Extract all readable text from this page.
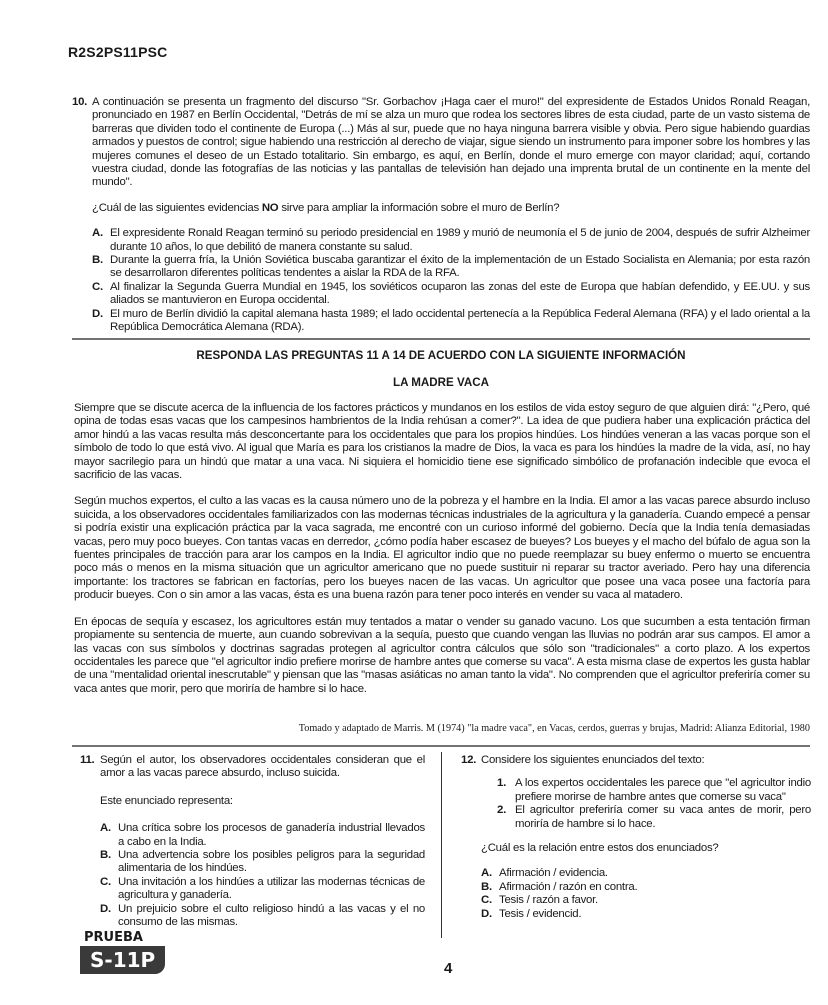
R2S2PS11PSC
10. A continuación se presenta un fragmento del discurso "Sr. Gorbachov ¡Haga caer el muro!" del expresidente de Estados Unidos Ronald Reagan, pronunciado en 1987 en Berlín Occidental, "Detrás de mí se alza un muro que rodea los sectores libres de esta ciudad, parte de un vasto sistema de barreras que dividen todo el continente de Europa (...) Más al sur, puede que no haya ninguna barrera visible y obvia. Pero sigue habiendo guardias armados y puestos de control; sigue habiendo una restricción al derecho de viajar, sigue siendo un instrumento para imponer sobre los hombres y las mujeres comunes el deseo de un Estado totalitario. Sin embargo, es aquí, en Berlín, donde el muro emerge con mayor claridad; aquí, cortando vuestra ciudad, donde las fotografías de las noticias y las pantallas de televisión han dejado una imprenta brutal de un continente en la mente del mundo".

¿Cuál de las siguientes evidencias NO sirve para ampliar la información sobre el muro de Berlín?

A. El expresidente Ronald Reagan terminó su periodo presidencial en 1989 y murió de neumonía el 5 de junio de 2004, después de sufrir Alzheimer durante 10 años, lo que debilitó de manera constante su salud.
B. Durante la guerra fría, la Unión Soviética buscaba garantizar el éxito de la implementación de un Estado Socialista en Alemania; por esta razón se desarrollaron diferentes políticas tendentes a aislar la RDA de la RFA.
C. Al finalizar la Segunda Guerra Mundial en 1945, los soviéticos ocuparon las zonas del este de Europa que habían defendido, y EE.UU. y sus aliados se mantuvieron en Europa occidental.
D. El muro de Berlín dividió la capital alemana hasta 1989; el lado occidental pertenecía a la República Federal Alemana (RFA) y el lado oriental a la República Democrática Alemana (RDA).
RESPONDA LAS PREGUNTAS 11 A 14 DE ACUERDO CON LA SIGUIENTE INFORMACIÓN
LA MADRE VACA

Siempre que se discute acerca de la influencia de los factores prácticos y mundanos en los estilos de vida estoy seguro de que alguien dirá: "¿Pero, qué opina de todas esas vacas que los campesinos hambrientos de la India rehúsan a comer?". La idea de que pudiera haber una explicación práctica del amor hindú a las vacas resulta más desconcertante para los occidentales que para los propios hindúes. Los hindúes veneran a las vacas porque son el símbolo de todo lo que está vivo. Al igual que María es para los cristianos la madre de Dios, la vaca es para los hindúes la madre de la vida, así, no hay mayor sacrilegio para un hindú que matar a una vaca. Ni siquiera el homicidio tiene ese significado simbólico de profanación indecible que evoca el sacrificio de las vacas.

Según muchos expertos, el culto a las vacas es la causa número uno de la pobreza y el hambre en la India. El amor a las vacas parece absurdo incluso suicida, a los observadores occidentales familiarizados con las modernas técnicas industriales de la agricultura y la ganadería. Cuando empecé a pensar si podría existir una explicación práctica par la vaca sagrada, me encontré con un curioso informé del gobierno. Decía que la India tenía demasiadas vacas, pero muy poco bueyes. Con tantas vacas en derredor, ¿cómo podía haber escasez de bueyes? Los bueyes y el macho del búfalo de agua son la fuentes principales de tracción para arar los campos en la India. El agricultor indio que no puede reemplazar su buey enfermo o muerto se encuentra poco más o menos en la misma situación que un agricultor americano que no puede sustituir ni reparar su tractor averiado. Pero hay una diferencia importante: los tractores se fabrican en factorías, pero los bueyes nacen de las vacas. Un agricultor que posee una vaca posee una factoría para producir bueyes. Con o sin amor a las vacas, ésta es una buena razón para tener poco interés en vender su vaca al matadero.

En épocas de sequía y escasez, los agricultores están muy tentados a matar o vender su ganado vacuno. Los que sucumben a esta tentación firman propiamente su sentencia de muerte, aun cuando sobrevivan a la sequía, puesto que cuando vengan las lluvias no podrán arar sus campos. El amor a las vacas con sus símbolos y doctrinas sagradas protegen al agricultor contra cálculos que sólo son "tradicionales" a corto plazo. A los expertos occidentales les parece que "el agricultor indio prefiere morirse de hambre antes que comerse su vaca". A esta misma clase de expertos les gusta hablar de una "mentalidad oriental inescrutable" y piensan que las "masas asiáticas no aman tanto la vida". No comprenden que el agricultor preferiría comer su vaca antes que morir, pero que moriría de hambre si lo hace.

Tomado y adaptado de Marris. M (1974) "la madre vaca", en Vacas, cerdos, guerras y brujas, Madrid: Alianza Editorial, 1980
11. Según el autor, los observadores occidentales consideran que el amor a las vacas parece absurdo, incluso suicida.

Este enunciado representa:

A. Una crítica sobre los procesos de ganadería industrial llevados a cabo en la India.
B. Una advertencia sobre los posibles peligros para la seguridad alimentaria de los hindúes.
C. Una invitación a los hindúes a utilizar las modernas técnicas de agricultura y ganadería.
D. Un prejuicio sobre el culto religioso hindú a las vacas y el no consumo de las mismas.
12. Considere los siguientes enunciados del texto:

1. A los expertos occidentales les parece que "el agricultor indio prefiere morirse de hambre antes que comerse su vaca"
2. El agricultor preferiría comer su vaca antes de morir, pero moriría de hambre si lo hace.

¿Cuál es la relación entre estos dos enunciados?

A. Afirmación / evidencia.
B. Afirmación / razón en contra.
C. Tesis / razón a favor.
D. Tesis / evidencid.
PRUEBA
S-11P	4
